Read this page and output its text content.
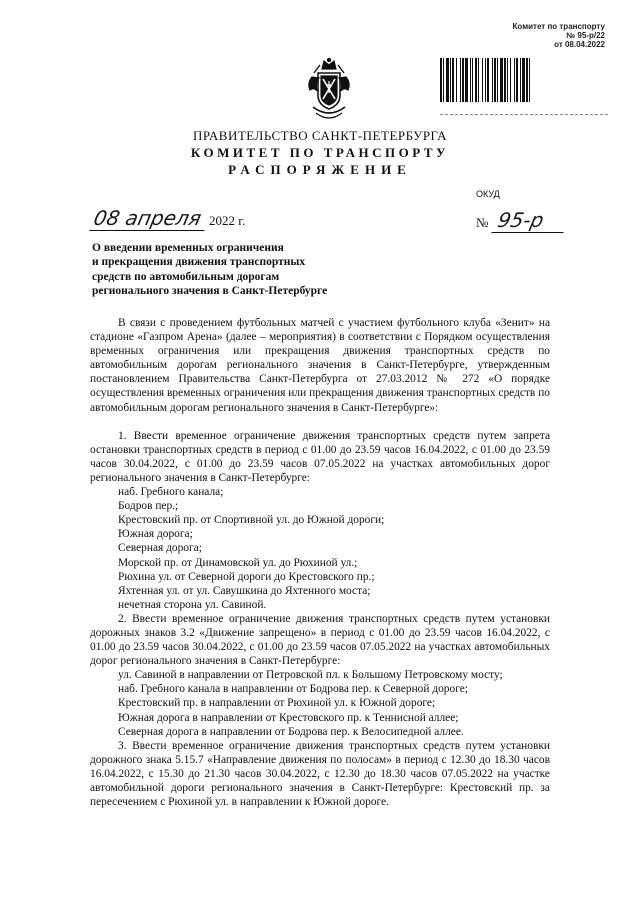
Комитет по транспорту
№ 95-р/22
от 08.04.2022
ПРАВИТЕЛЬСТВО САНКТ-ПЕТЕРБУРГА
КОМИТЕТ ПО ТРАНСПОРТУ
РАСПОРЯЖЕНИЕ
ОКУД
08 апреля 2022 г.	№ 95-р
О введении временных ограничения
и прекращения движения транспортных
средств по автомобильным дорогам
регионального значения в Санкт-Петербурге

В связи с проведением футбольных матчей с участием футбольного клуба «Зенит» на стадионе «Газпром Арена» (далее – мероприятия) в соответствии с Порядком осуществления временных ограничения или прекращения движения транспортных средств по автомобильным дорогам регионального значения в Санкт-Петербурге, утвержденным постановлением Правительства Санкт-Петербурга от 27.03.2012 № 272 «О порядке осуществления временных ограничения или прекращения движения транспортных средств по автомобильным дорогам регионального значения в Санкт-Петербурге»:

1. Ввести временное ограничение движения транспортных средств путем запрета остановки транспортных средств в период с 01.00 до 23.59 часов 16.04.2022, с 01.00 до 23.59 часов 30.04.2022, с 01.00 до 23.59 часов 07.05.2022 на участках автомобильных дорог регионального значения в Санкт-Петербурге:

наб. Гребного канала;

Бодров пер.;

Крестовский пр. от Спортивной ул. до Южной дороги;

Южная дорога;

Северная дорога;

Морской пр. от Динамовской ул. до Рюхиной ул.;

Рюхина ул. от Северной дороги до Крестовского пр.;

Яхтенная ул. от ул. Савушкина до Яхтенного моста;

нечетная сторона ул. Савиной.

2. Ввести временное ограничение движения транспортных средств путем установки дорожных знаков 3.2 «Движение запрещено» в период с 01.00 до 23.59 часов 16.04.2022, с 01.00 до 23.59 часов 30.04.2022, с 01.00 до 23.59 часов 07.05.2022 на участках автомобильных дорог регионального значения в Санкт-Петербурге:

ул. Савиной в направлении от Петровской пл. к Большому Петровскому мосту;

наб. Гребного канала в направлении от Бодрова пер. к Северной дороге;

Крестовский пр. в направлении от Рюхиной ул. к Южной дороге;

Южная дорога в направлении от Крестовского пр. к Теннисной аллее;

Северная дорога в направлении от Бодрова пер. к Велосипедной аллее.

3. Ввести временное ограничение движения транспортных средств путем установки дорожного знака 5.15.7 «Направление движения по полосам» в период с 12.30 до 18.30 часов 16.04.2022, с 15.30 до 21.30 часов 30.04.2022, с 12.30 до 18.30 часов 07.05.2022 на участке автомобильной дороги регионального значения в Санкт-Петербурге: Крестовский пр. за пересечением с Рюхиной ул. в направлении к Южной дороге.
